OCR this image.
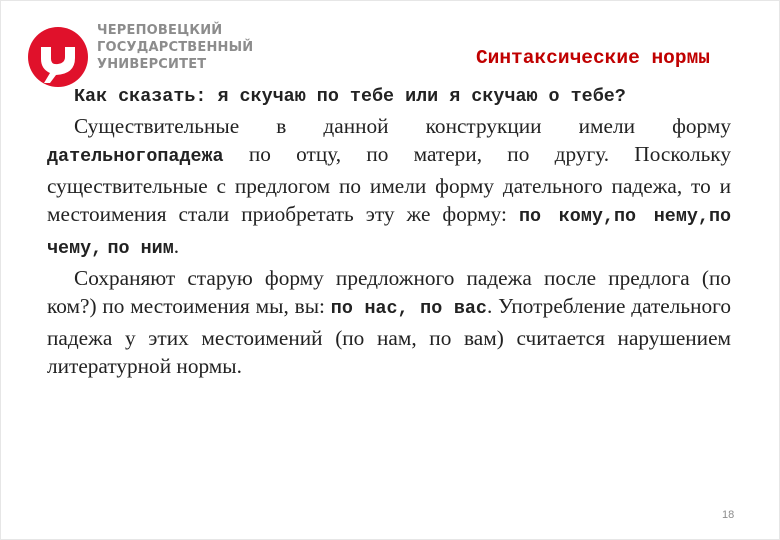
ЧЕРЕПОВЕЦКИЙ
ГОСУДАРСТВЕННЫЙ
УНИВЕРСИТЕТ	Синтаксические нормы

Как сказать: я скучаю по тебе или я скучаю о тебе?

Существительные в данной конструкции имели форму дательногопадежа по отцу, по матери, по другу. Поскольку существительные с предлогом по имели форму дательного падежа, то и местоимения стали приобретать эту же форму: по кому,по нему,по чему, по ним.

Сохраняют старую форму предложного падежа после предлога (по ком?) по местоимения мы, вы: по нас, по вас. Употребление дательного падежа у этих местоимений (по нам, по вам) считается нарушением литературной нормы.

18
